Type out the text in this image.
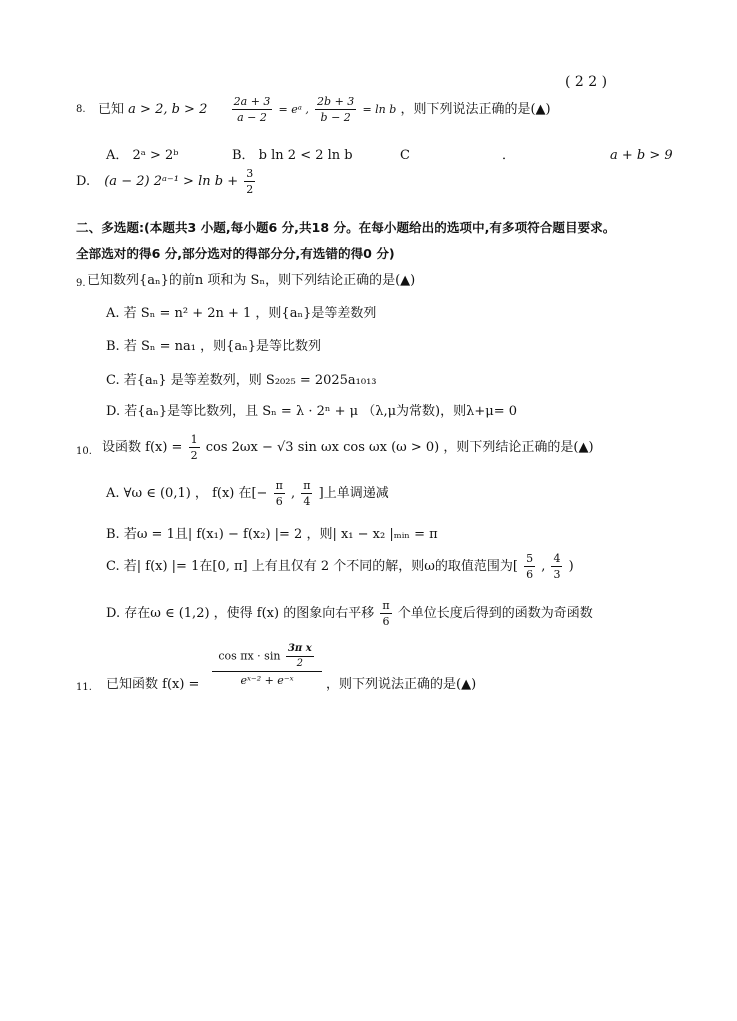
( 2 2 )
8. 已知 a > 2, $b > 2 \frac{2a + 3}{a - 2}$ = eᵃ , $\frac{2b + 3}{b - 2} = \ln b$ ，则下列说法正确的是(▲)
A． 2ᵃ > 2ᵇ	B． b ln 2 < 2 ln b	C	．	a + b > 9
D. (a − 2) 2ᵃ⁻¹ > $\ln b + \frac{3}{2}$
二、多选题:(本题共3 小题,每小题6 分,共18 分。在每小题给出的选项中,有多项符合题目要求。
全部选对的得6 分,部分选对的得部分分,有选错的得0 分)
9. 已知数列{aₙ}的前n 项和为 Sₙ，则下列结论正确的是(▲)
A. 若 Sₙ = n² + 2n + 1 ，则{aₙ}是等差数列
B. 若 Sₙ = na₁ ，则{aₙ}是等比数列
C. 若{aₙ} 是等差数列，则 S₂₀₂₅ = 2025a₁₀₁₃
D. 若{aₙ}是等比数列，且 Sₙ = λ · 2ⁿ + μ （λ,μ为常数)，则λ+μ= 0
10. 设函数 $f(x) = \frac{1}{2}$ cos 2ωx − √3 sin ωx cos ωx (ω > 0) ，则下列结论正确的是(▲)
A. ∀ω ∈ (0,1) ， f(x) 在[− $\frac{\pi}{6}$ , $\frac{\pi}{4}$ ]上单调递减
B. 若ω = 1且| f(x₁) − f(x₂) |= 2 ，则| x₁ − x₂ |ₘᵢₙ = π
C. 若| f(x) |= 1在[0, π] 上有且仅有 2 个不同的解，则ω的取值范围为[ $\frac{5}{6}$ , $\frac{4}{3}$ )
D. 存在ω ∈ (1,2) ，使得 f(x) 的图象向右平移 $\frac{\pi}{6}$ 个单位长度后得到的函数为奇函数
11. 已知函数 $f(x) = \frac{\cos \pi x \cdot \sin \frac{\text{3π x}}{2}}{\text{eˣ⁻² + e⁻ˣ}}$ ，则下列说法正确的是(▲)
